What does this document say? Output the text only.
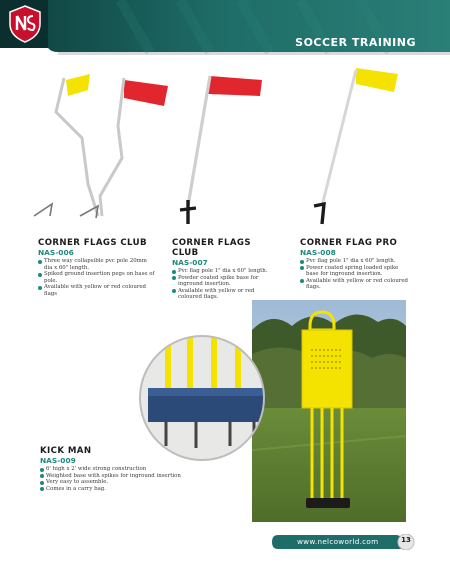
SOCCER TRAINING
CORNER FLAGS CLUB
NAS-006
Three way collapsible pvc pole 20mm dia x 60" length.
Spiked ground insertion pegs on base of pole.
Available with yellow or red coloured flags
CORNER FLAGS CLUB
NAS-007
Pvc flag pole 1" dia x 60" length.
Powder coated spike base for inground insertion.
Available with yellow or red coloured flags.
CORNER FLAG PRO
NAS-008
Pvc flag pole 1" dia x 60" length.
Power coated spring loaded spike base for inground insertion.
Available with yellow or red coloured flags.
KICK MAN
NAS-009
6' high x 2' wide strong construction
Weighted base with spikes for inground insertion
Very easy to assemble.
Comes in a carry bag.
www.nelcoworld.com	13
